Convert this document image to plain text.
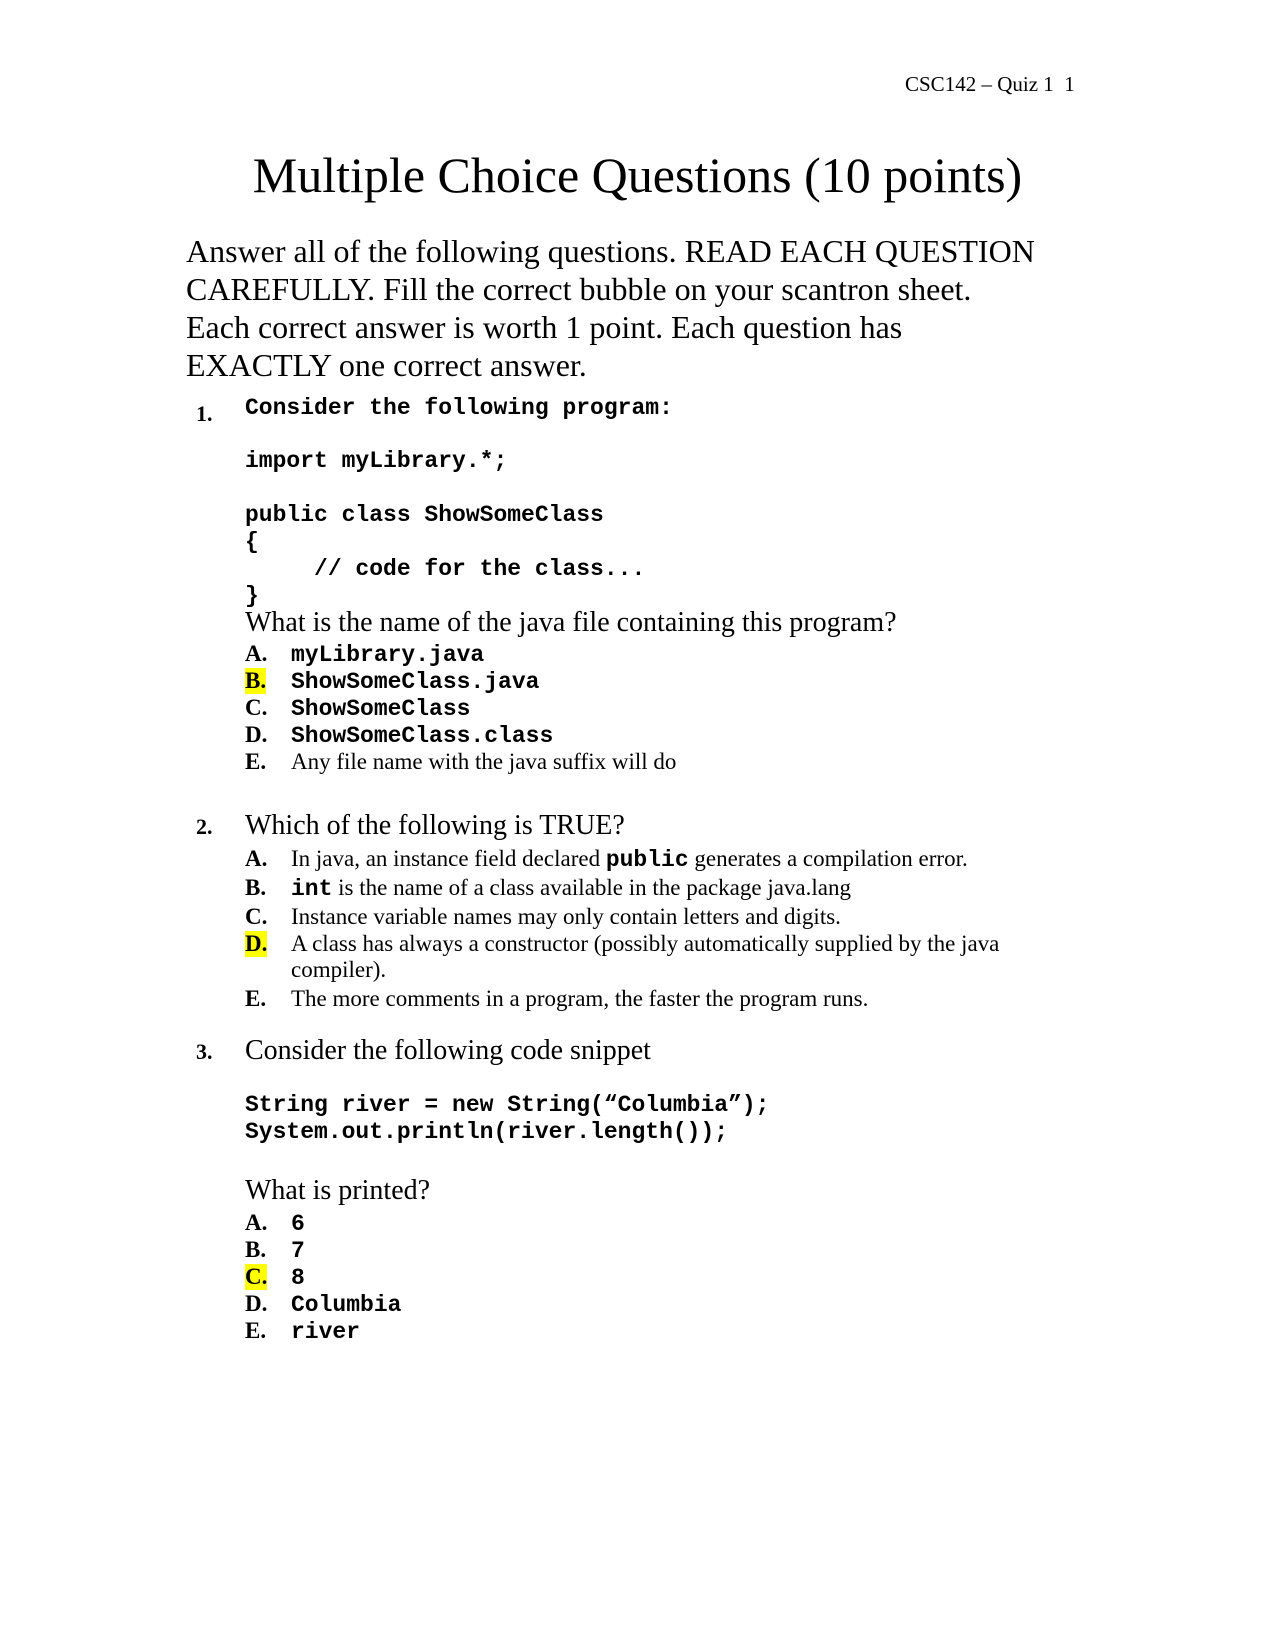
CSC142 – Quiz 1  1
Multiple Choice Questions (10 points)
Answer all of the following questions. READ EACH QUESTION
CAREFULLY. Fill the correct bubble on your scantron sheet.
Each correct answer is worth 1 point. Each question has
EXACTLY one correct answer.
1. Consider the following program:
import myLibrary.*;
public class ShowSomeClass
{
// code for the class...
}
What is the name of the java file containing this program?
A. myLibrary.java
B. ShowSomeClass.java
C. ShowSomeClass
D. ShowSomeClass.class
E. Any file name with the java suffix will do
2. Which of the following is TRUE?
A. In java, an instance field declared public generates a compilation error.
B. int is the name of a class available in the package java.lang
C. Instance variable names may only contain letters and digits.
D. A class has always a constructor (possibly automatically supplied by the java
compiler).
E. The more comments in a program, the faster the program runs.
3. Consider the following code snippet
String river = new String(“Columbia”);
System.out.println(river.length());
What is printed?
A. 6
B. 7
C. 8
D. Columbia
E. river
